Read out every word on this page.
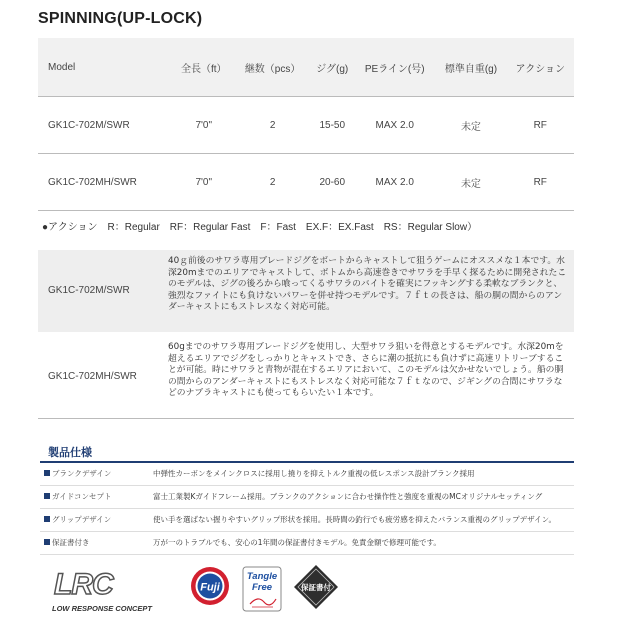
SPINNING(UP-LOCK)
Model	全長（ft）	継数（pcs）	ジグ(g)	PEライン(号)	標準自重(g)	アクション
GK1C-702M/SWR	7'0"	2	15-50	MAX 2.0	未定	RF
GK1C-702MH/SWR	7'0"	2	20-60	MAX 2.0	未定	RF
●アクション　R：Regular　RF：Regular Fast　F：Fast　EX.F：EX.Fast　RS：Regular Slow）
GK1C-702M/SWR
40ｇ前後のサワラ専用ブレードジグをボートからキャストして狙うゲームにオススメな１本です。水深20mまでのエリアでキャストして、ボトムから高速巻きでサワラを手早く探るために開発されたこのモデルは、ジグの後ろから喰ってくるサワラのバイトを確実にフッキングする柔軟なブランクと、強烈なファイトにも負けないパワーを併せ持つモデルです。７ｆｔの長さは、船の胴の間からのアンダーキャストにもストレスなく対応可能。
GK1C-702MH/SWR
60gまでのサワラ専用ブレードジグを使用し、大型サワラ狙いを得意とするモデルです。水深20mを超えるエリアでジグをしっかりとキャストでき、さらに潮の抵抗にも負けずに高速リトリーブすることが可能。時にサワラと青物が混在するエリアにおいて、このモデルは欠かせないでしょう。船の胴の間からのアンダーキャストにもストレスなく対応可能な７ｆｔなので、ジギングの合間にサワラなどのナブラキャストにも使ってもらいたい１本です。
製品仕様
ブランクデザイン	中弾性カーボンをメインクロスに採用し撓りを抑えトルク重視の低レスポンス設計ブランク採用
ガイドコンセプト	富士工業製Kガイドフレーム採用。ブランクのアクションに合わせ操作性と強度を重視のMCオリジナルセッティング
グリップデザイン	使い手を選ばない握りやすいグリップ形状を採用。長時間の釣行でも疲労感を抑えたバランス重視のグリップデザイン。
保証書付き	万が一のトラブルでも、安心の1年間の保証書付きモデル。免責金額で修理可能です。
LRC
LOW RESPONSE CONCEPT
Fuji
Tangle
Free	保証書付
